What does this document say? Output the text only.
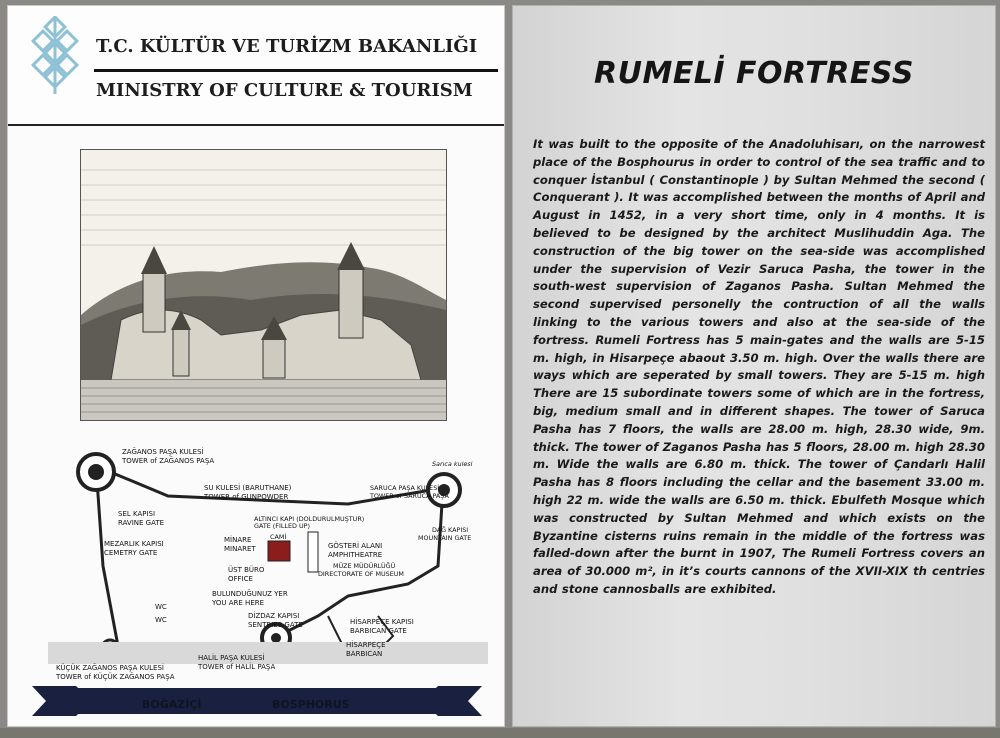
T.C. KÜLTÜR VE TURİZM BAKANLIĞI
MINISTRY OF CULTURE & TOURISM
ZAĞANOS PAŞA KULESİ
TOWER of ZAĞANOS PAŞA
SU KULESİ (BARUTHANE)
TOWER of GUNPOWDER
SARUCA PAŞA KULESİ
TOWER of SARUCA PAŞA
Sarıca kulesi
SEL KAPISI
RAVINE GATE	ALTINCI KAPI (DOLDURULMUŞTUR)
GATE (FILLED UP)
MEZARLIK KAPISI
CEMETRY GATE
MİNARE
MINARET
CAMİ
GÖSTERİ ALANI
AMPHITHEATRE
DAĞ KAPISI
MOUNTAIN GATE
MÜZE MÜDÜRLÜĞÜ
DIRECTORATE OF MUSEUM
ÜST BÜRO
OFFICE
BULUNDUĞUNUZ YER
YOU ARE HERE
WC
WC	DİZDAZ KAPISI
SENTRIES GATE	HİSARPEÇE KAPISI
BARBICAN GATE
HİSARPEÇE
BARBICAN
HALİL PAŞA KULESİ
TOWER of HALİL PAŞA
KÜÇÜK ZAĞANOS PAŞA KULESİ
TOWER of KÜÇÜK ZAĞANOS PAŞA
BOĞAZİÇİ	BOSPHORUS
RUMELİ FORTRESS
It was built to the opposite of the Anadoluhisarı, on the narrowest place of the Bosphourus in order to control of the sea traffic and to conquer İstanbul ( Constantinople ) by Sultan Mehmed the second ( Conquerant ). It was accomplished between the months of April and August in 1452, in a very short time, only in 4 months. It is believed to be designed by the architect Muslihuddin Aga. The construction of the big tower on the sea-side was accomplished under the supervision of Vezir Saruca Pasha, the tower in the south-west supervision of Zaganos Pasha. Sultan Mehmed the second supervised personelly the contruction of all the walls linking to the various towers and also at the sea-side of the fortress. Rumeli Fortress has 5 main-gates and the walls are 5-15 m. high, in Hisarpeçe abaout 3.50 m. high. Over the walls there are ways which are seperated by small towers. They are 5-15 m. high There are 15 subordinate towers some of which are in the fortress, big, medium small and in different shapes. The tower of Saruca Pasha has 7 floors, the walls are 28.00 m. high, 28.30 wide, 9m. thick. The tower of Zaganos Pasha has 5 floors, 28.00 m. high 28.30 m. Wide the walls are 6.80 m. thick. The tower of Çandarlı Halil Pasha has 8 floors including the cellar and the basement 33.00 m. high 22 m. wide the walls are 6.50 m. thick. Ebulfeth Mosque which was constructed by Sultan Mehmed and which exists on the Byzantine cisterns ruins remain in the middle of the fortress was falled-down after the burnt in 1907, The Rumeli Fortress covers an area of 30.000 m², in it’s courts cannons of the XVII-XIX th centries and stone cannosballs are exhibited.
